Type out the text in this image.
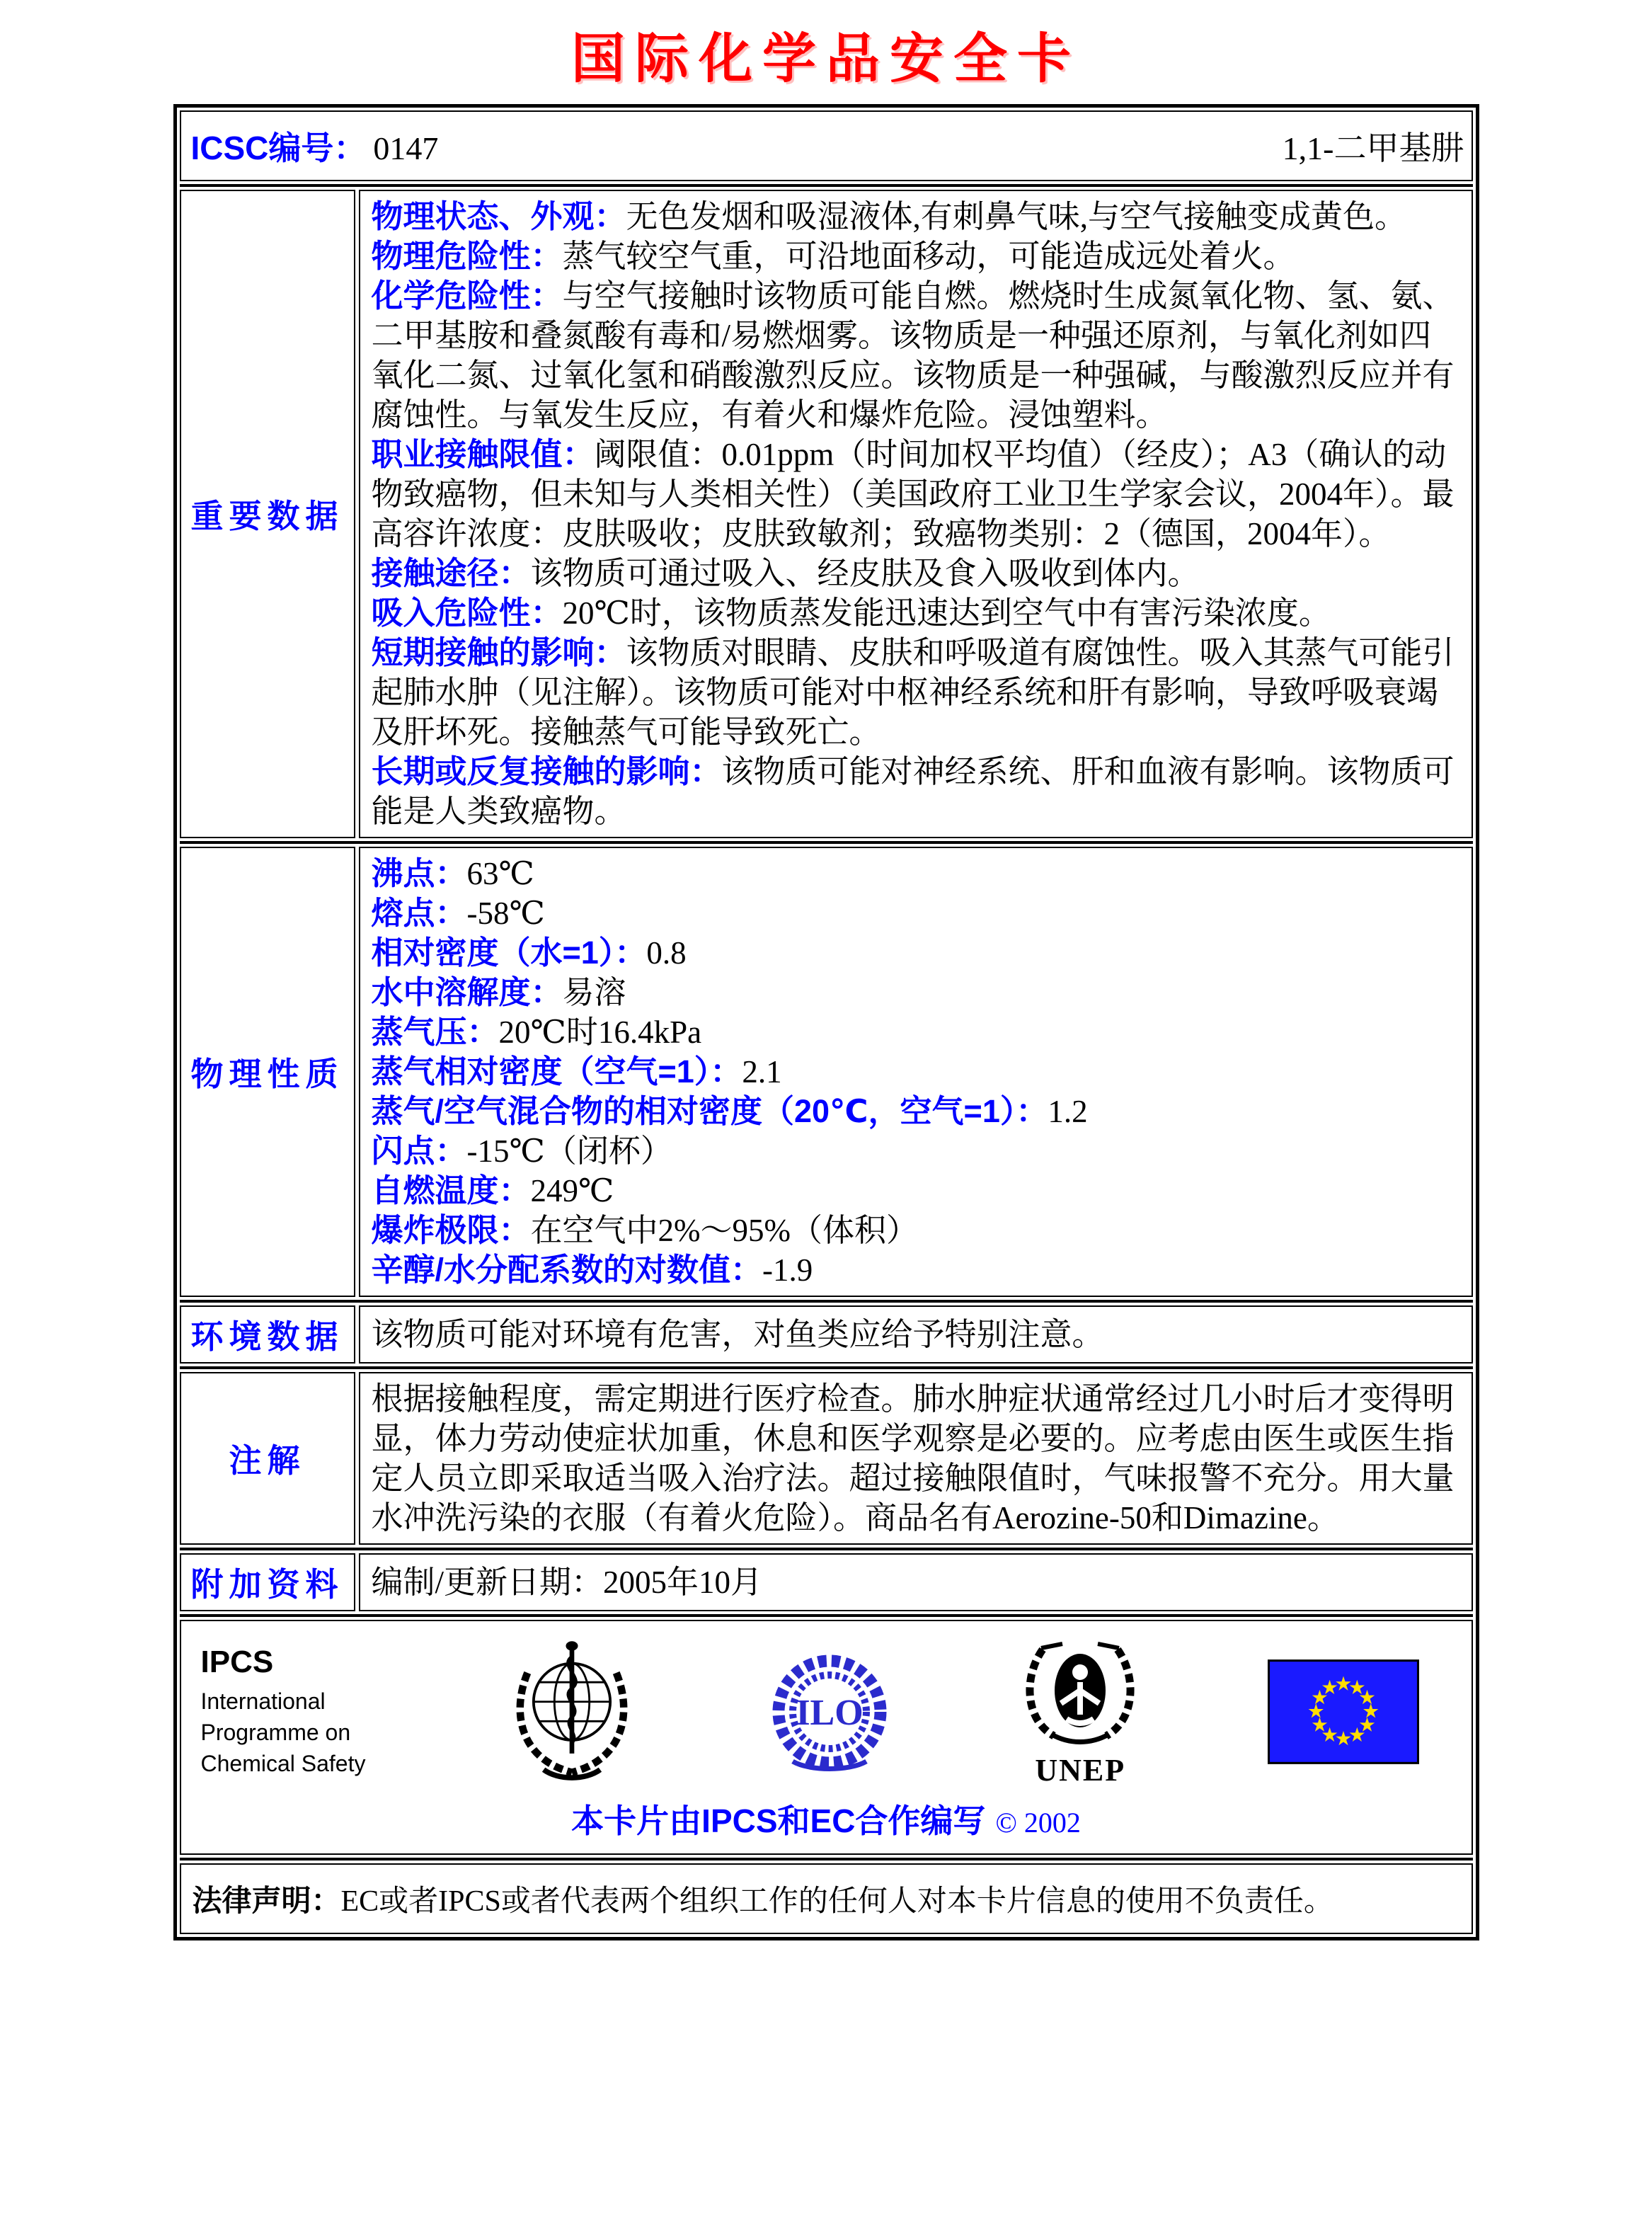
国际化学品安全卡
ICSC编号： 0147	1,1-二甲基肼
重要数据
物理状态、外观：无色发烟和吸湿液体,有刺鼻气味,与空气接触变成黄色。
物理危险性：蒸气较空气重，可沿地面移动，可能造成远处着火。
化学危险性：与空气接触时该物质可能自燃。燃烧时生成氮氧化物、氢、氨、二甲基胺和叠氮酸有毒和/易燃烟雾。该物质是一种强还原剂，与氧化剂如四氧化二氮、过氧化氢和硝酸激烈反应。该物质是一种强碱，与酸激烈反应并有腐蚀性。与氧发生反应，有着火和爆炸危险。浸蚀塑料。
职业接触限值：阈限值：0.01ppm（时间加权平均值）（经皮）；A3（确认的动物致癌物，但未知与人类相关性）（美国政府工业卫生学家会议，2004年）。最高容许浓度：皮肤吸收；皮肤致敏剂；致癌物类别：2（德国，2004年）。
接触途径：该物质可通过吸入、经皮肤及食入吸收到体内。
吸入危险性：20℃时，该物质蒸发能迅速达到空气中有害污染浓度。
短期接触的影响：该物质对眼睛、皮肤和呼吸道有腐蚀性。吸入其蒸气可能引起肺水肿（见注解）。该物质可能对中枢神经系统和肝有影响，导致呼吸衰竭及肝坏死。接触蒸气可能导致死亡。
长期或反复接触的影响：该物质可能对神经系统、肝和血液有影响。该物质可能是人类致癌物。
物理性质
沸点：63℃
熔点：-58℃
相对密度（水=1）：0.8
水中溶解度：易溶
蒸气压：20℃时16.4kPa
蒸气相对密度（空气=1）：2.1
蒸气/空气混合物的相对密度（20℃，空气=1）：1.2
闪点：-15℃（闭杯）
自燃温度：249℃
爆炸极限：在空气中2%～95%（体积）
辛醇/水分配系数的对数值：-1.9
环境数据 该物质可能对环境有危害，对鱼类应给予特别注意。
注解
根据接触程度，需定期进行医疗检查。肺水肿症状通常经过几小时后才变得明显，体力劳动使症状加重，休息和医学观察是必要的。应考虑由医生或医生指定人员立即采取适当吸入治疗法。超过接触限值时，气味报警不充分。用大量水冲洗污染的衣服（有着火危险）。商品名有Aerozine-50和Dimazine。
附加资料 编制/更新日期： 2005年10月
IPCS
International
Programme on
Chemical Safety
ILO
UNEP
本卡片由IPCS和EC合作编写 © 2002
法律声明： EC或者IPCS或者代表两个组织工作的任何人对本卡片信息的使用不负责任。
